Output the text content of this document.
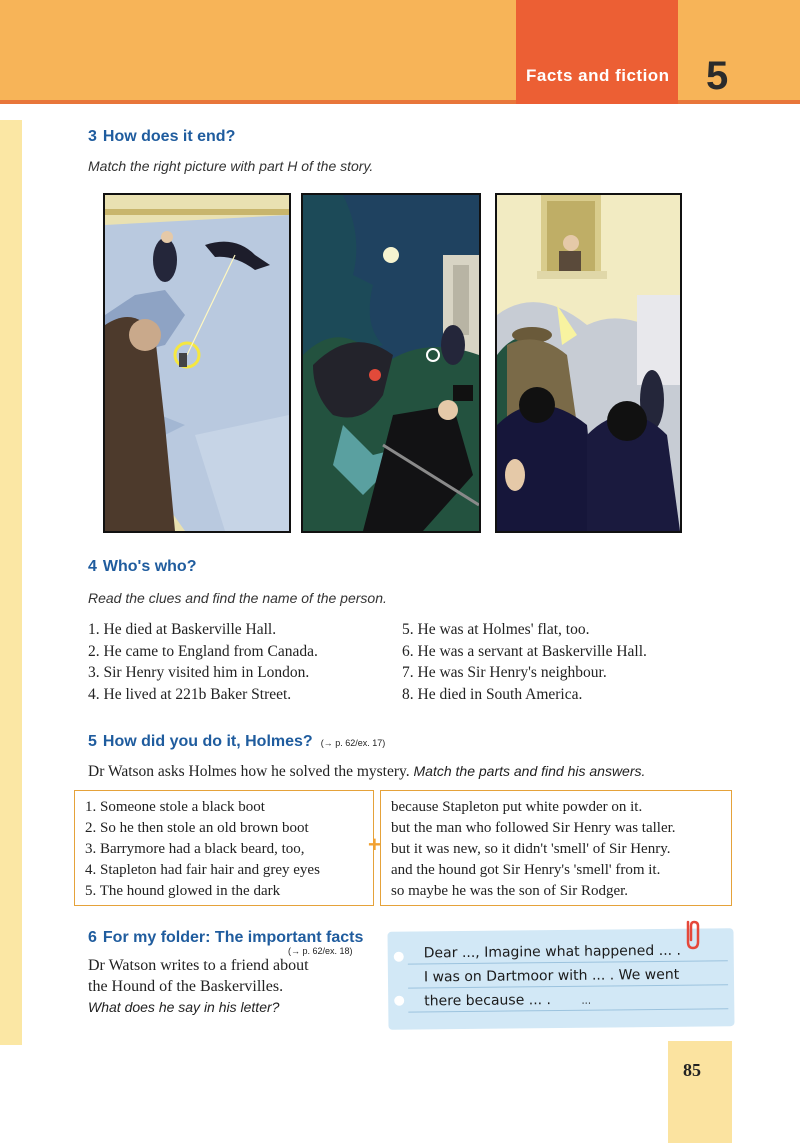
Facts and fiction 5
3 How does it end?
Match the right picture with part H of the story.
4 Who's who?
Read the clues and find the name of the person.
1. He died at Baskerville Hall.
2. He came to England from Canada.
3. Sir Henry visited him in London.
4. He lived at 221b Baker Street.
5. He was at Holmes' flat, too.
6. He was a servant at Baskerville Hall.
7. He was Sir Henry's neighbour.
8. He died in South America.
5 How did you do it, Holmes? (→ p. 62/ex. 17)
Dr Watson asks Holmes how he solved the mystery. Match the parts and find his answers.
1. Someone stole a black boot
2. So he then stole an old brown boot
3. Barrymore had a black beard, too,
4. Stapleton had fair hair and grey eyes
5. The hound glowed in the dark
+
because Stapleton put white powder on it.
but the man who followed Sir Henry was taller.
but it was new, so it didn't 'smell' of Sir Henry.
and the hound got Sir Henry's 'smell' from it.
so maybe he was the son of Sir Rodger.
6 For my folder: The important facts
(→ p. 62/ex. 18)
Dr Watson writes to a friend about
the Hound of the Baskervilles.
What does he say in his letter?
Dear ..., Imagine what happened ... .
I was on Dartmoor with ... . We went
there because ... .	...
85
